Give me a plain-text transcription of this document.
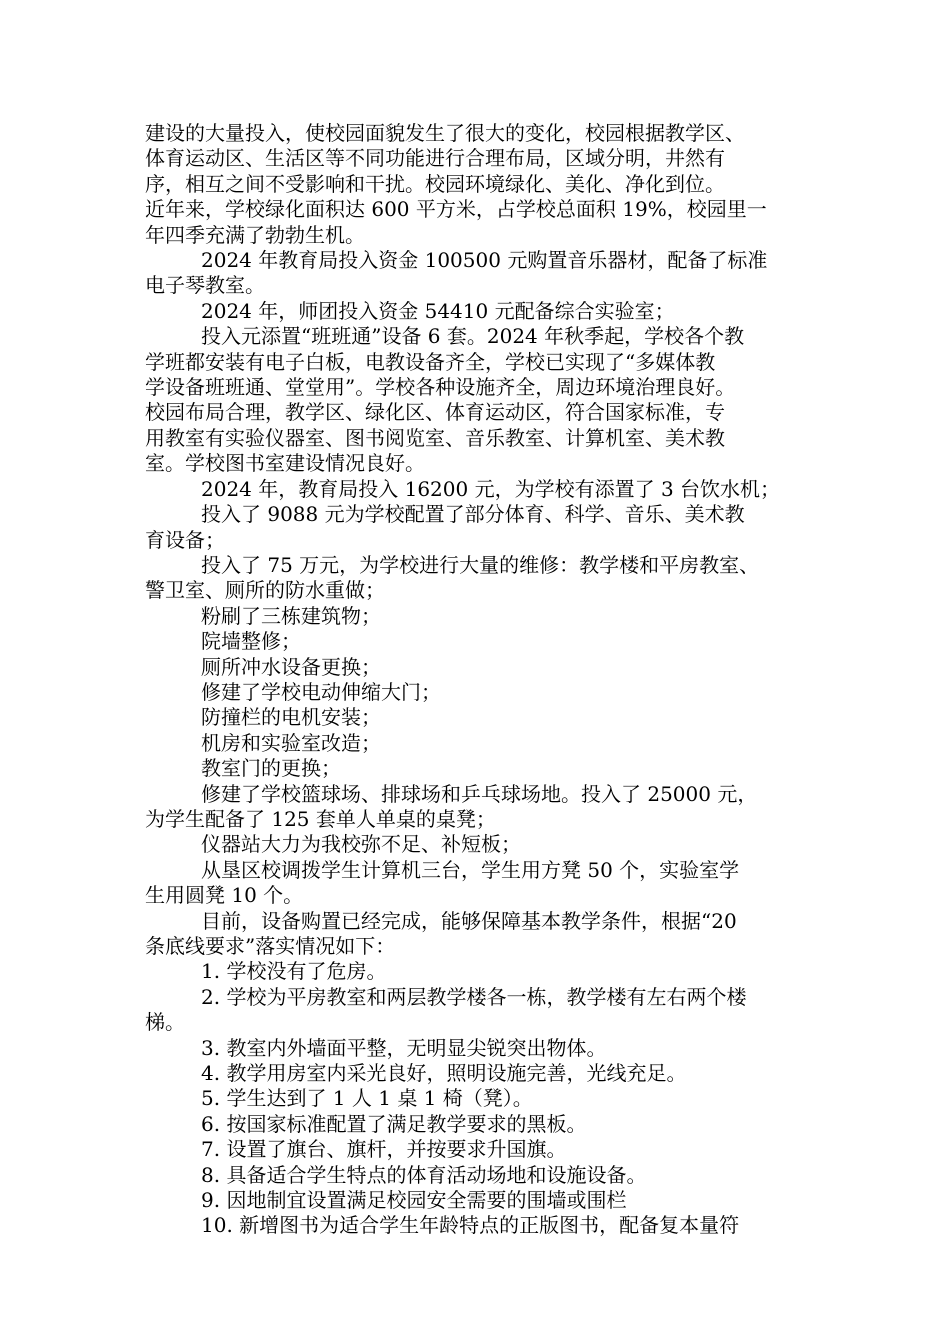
建设的大量投入，使校园面貌发生了很大的变化，校园根据教学区、

体育运动区、生活区等不同功能进行合理布局，区域分明，井然有

序，相互之间不受影响和干扰。校园环境绿化、美化、净化到位。

近年来，学校绿化面积达 600 平方米，占学校总面积 19%，校园里一

年四季充满了勃勃生机。

2024 年教育局投入资金 100500 元购置音乐器材，配备了标准

电子琴教室。

2024 年，师团投入资金 54410 元配备综合实验室；

投入元添置“班班通”设备 6 套。2024 年秋季起，学校各个教

学班都安装有电子白板，电教设备齐全，学校已实现了“多媒体教

学设备班班通、堂堂用”。学校各种设施齐全，周边环境治理良好。

校园布局合理，教学区、绿化区、体育运动区，符合国家标准，专

用教室有实验仪器室、图书阅览室、音乐教室、计算机室、美术教

室。学校图书室建设情况良好。

2024 年，教育局投入 16200 元，为学校有添置了 3 台饮水机；

投入了 9088 元为学校配置了部分体育、科学、音乐、美术教

育设备；

投入了 75 万元，为学校进行大量的维修：教学楼和平房教室、

警卫室、厕所的防水重做；

粉刷了三栋建筑物；

院墙整修；

厕所冲水设备更换；

修建了学校电动伸缩大门；

防撞栏的电机安装；

机房和实验室改造；

教室门的更换；

修建了学校篮球场、排球场和乒乓球场地。投入了 25000 元，

为学生配备了 125 套单人单桌的桌凳；

仪器站大力为我校弥不足、补短板；

从垦区校调拨学生计算机三台，学生用方凳 50 个，实验室学

生用圆凳 10 个。

目前，设备购置已经完成，能够保障基本教学条件，根据“20

条底线要求”落实情况如下：

1. 学校没有了危房。

2. 学校为平房教室和两层教学楼各一栋，教学楼有左右两个楼

梯。

3. 教室内外墙面平整，无明显尖锐突出物体。

4. 教学用房室内采光良好，照明设施完善，光线充足。

5. 学生达到了 1 人 1 桌 1 椅（凳）。

6. 按国家标准配置了满足教学要求的黑板。

7. 设置了旗台、旗杆，并按要求升国旗。

8. 具备适合学生特点的体育活动场地和设施设备。

9. 因地制宜设置满足校园安全需要的围墙或围栏

10. 新增图书为适合学生年龄特点的正版图书，配备复本量符
